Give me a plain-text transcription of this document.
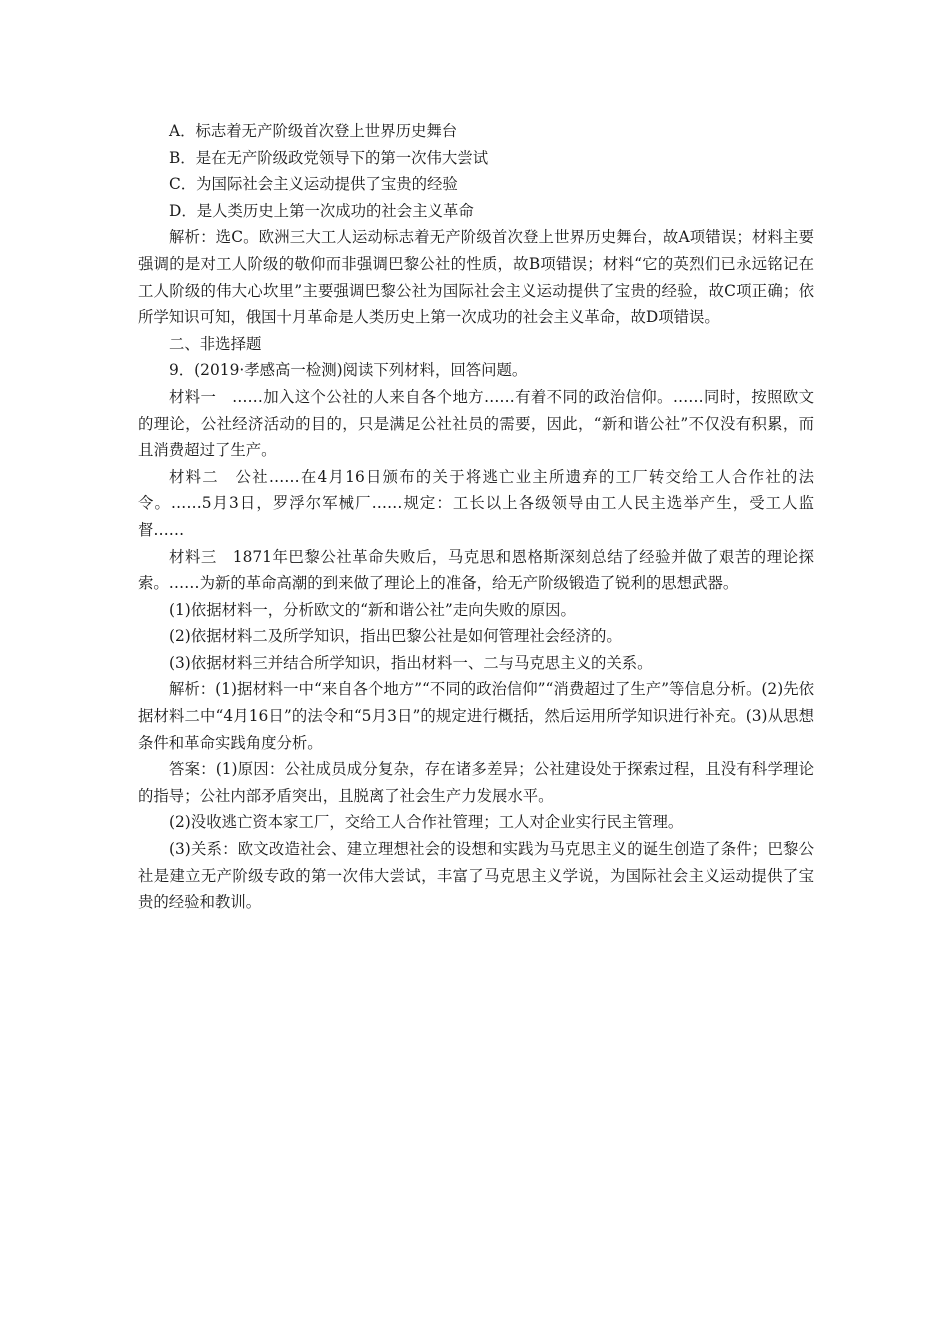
A．标志着无产阶级首次登上世界历史舞台

B．是在无产阶级政党领导下的第一次伟大尝试

C．为国际社会主义运动提供了宝贵的经验

D．是人类历史上第一次成功的社会主义革命

解析：选C。欧洲三大工人运动标志着无产阶级首次登上世界历史舞台，故A项错误；材料主要强调的是对工人阶级的敬仰而非强调巴黎公社的性质，故B项错误；材料“它的英烈们已永远铭记在工人阶级的伟大心坎里”主要强调巴黎公社为国际社会主义运动提供了宝贵的经验，故C项正确；依所学知识可知，俄国十月革命是人类历史上第一次成功的社会主义革命，故D项错误。

二、非选择题

9．(2019·孝感高一检测)阅读下列材料，回答问题。

材料一　……加入这个公社的人来自各个地方……有着不同的政治信仰。……同时，按照欧文的理论，公社经济活动的目的，只是满足公社社员的需要，因此，“新和谐公社”不仅没有积累，而且消费超过了生产。

材料二　公社……在4月16日颁布的关于将逃亡业主所遗弃的工厂转交给工人合作社的法令。……5月3日，罗浮尔军械厂……规定：工长以上各级领导由工人民主选举产生，受工人监督……

材料三　1871年巴黎公社革命失败后，马克思和恩格斯深刻总结了经验并做了艰苦的理论探索。……为新的革命高潮的到来做了理论上的准备，给无产阶级锻造了锐利的思想武器。

(1)依据材料一，分析欧文的“新和谐公社”走向失败的原因。

(2)依据材料二及所学知识，指出巴黎公社是如何管理社会经济的。

(3)依据材料三并结合所学知识，指出材料一、二与马克思主义的关系。

解析：(1)据材料一中“来自各个地方”“不同的政治信仰”“消费超过了生产”等信息分析。(2)先依据材料二中“4月16日”的法令和“5月3日”的规定进行概括，然后运用所学知识进行补充。(3)从思想条件和革命实践角度分析。

答案：(1)原因：公社成员成分复杂，存在诸多差异；公社建设处于探索过程，且没有科学理论的指导；公社内部矛盾突出，且脱离了社会生产力发展水平。

(2)没收逃亡资本家工厂，交给工人合作社管理；工人对企业实行民主管理。

(3)关系：欧文改造社会、建立理想社会的设想和实践为马克思主义的诞生创造了条件；巴黎公社是建立无产阶级专政的第一次伟大尝试，丰富了马克思主义学说，为国际社会主义运动提供了宝贵的经验和教训。
